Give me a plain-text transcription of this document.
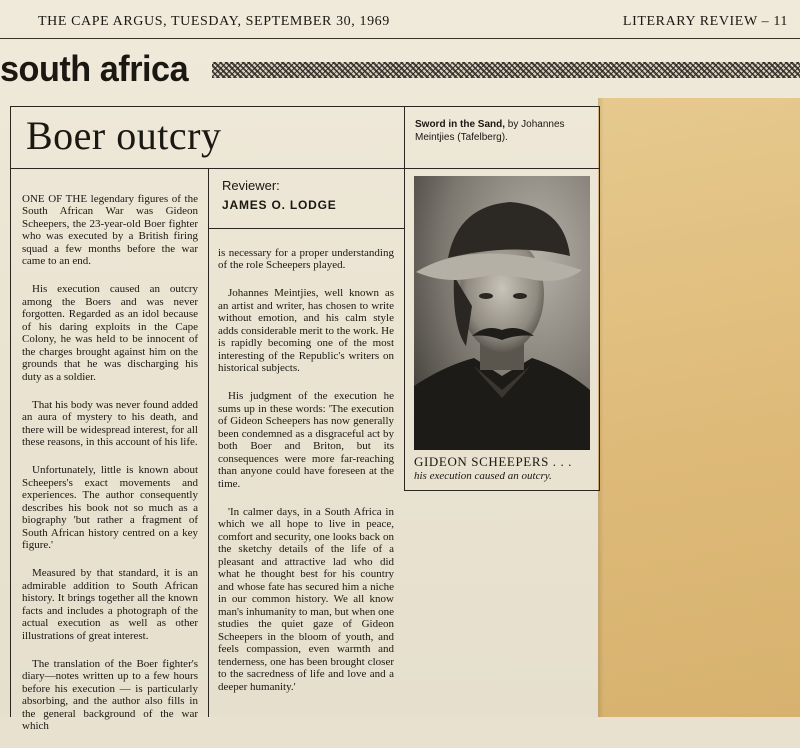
THE CAPE ARGUS, TUESDAY, SEPTEMBER 30, 1969	LITERARY REVIEW – 11
south africa
Boer outcry	Sword in the Sand, by Johannes Meintjies (Tafelberg).
Reviewer:
JAMES O. LODGE

ONE OF THE legendary figures of the South African War was Gideon Scheepers, the 23-year-old Boer fighter who was executed by a British firing squad a few months before the war came to an end.

His execution caused an outcry among the Boers and was never forgotten. Regarded as an idol because of his daring exploits in the Cape Colony, he was held to be innocent of the charges brought against him on the grounds that he was discharging his duty as a soldier.

That his body was never found added an aura of mystery to his death, and there will be widespread interest, for all these reasons, in this account of his life.

Unfortunately, little is known about Scheepers's exact movements and experiences. The author consequently describes his book not so much as a biography 'but rather a fragment of South African history centred on a key figure.'

Measured by that standard, it is an admirable addition to South African history. It brings together all the known facts and includes a photograph of the actual execution as well as other illustrations of great interest.

The translation of the Boer fighter's diary—notes written up to a few hours before his execution — is particularly absorbing, and the author also fills in the general background of the war which

is necessary for a proper understanding of the role Scheepers played.

Johannes Meintjies, well known as an artist and writer, has chosen to write without emotion, and his calm style adds considerable merit to the work. He is rapidly becoming one of the most interesting of the Republic's writers on historical subjects.

His judgment of the execution he sums up in these words: 'The execution of Gideon Scheepers has now generally been condemned as a disgraceful act by both Boer and Briton, but its consequences were more far-reaching than anyone could have foreseen at the time.

'In calmer days, in a South Africa in which we all hope to live in peace, comfort and security, one looks back on the sketchy details of the life of a pleasant and attractive lad who did what he thought best for his country and whose fate has secured him a niche in our common history. We all know man's inhumanity to man, but when one studies the quiet gaze of Gideon Scheepers in the bloom of youth, and feels compassion, even warmth and tenderness, one has been brought closer to the sacredness of life and love and a deeper humanity.'

GIDEON SCHEEPERS . . .
his execution caused an outcry.
